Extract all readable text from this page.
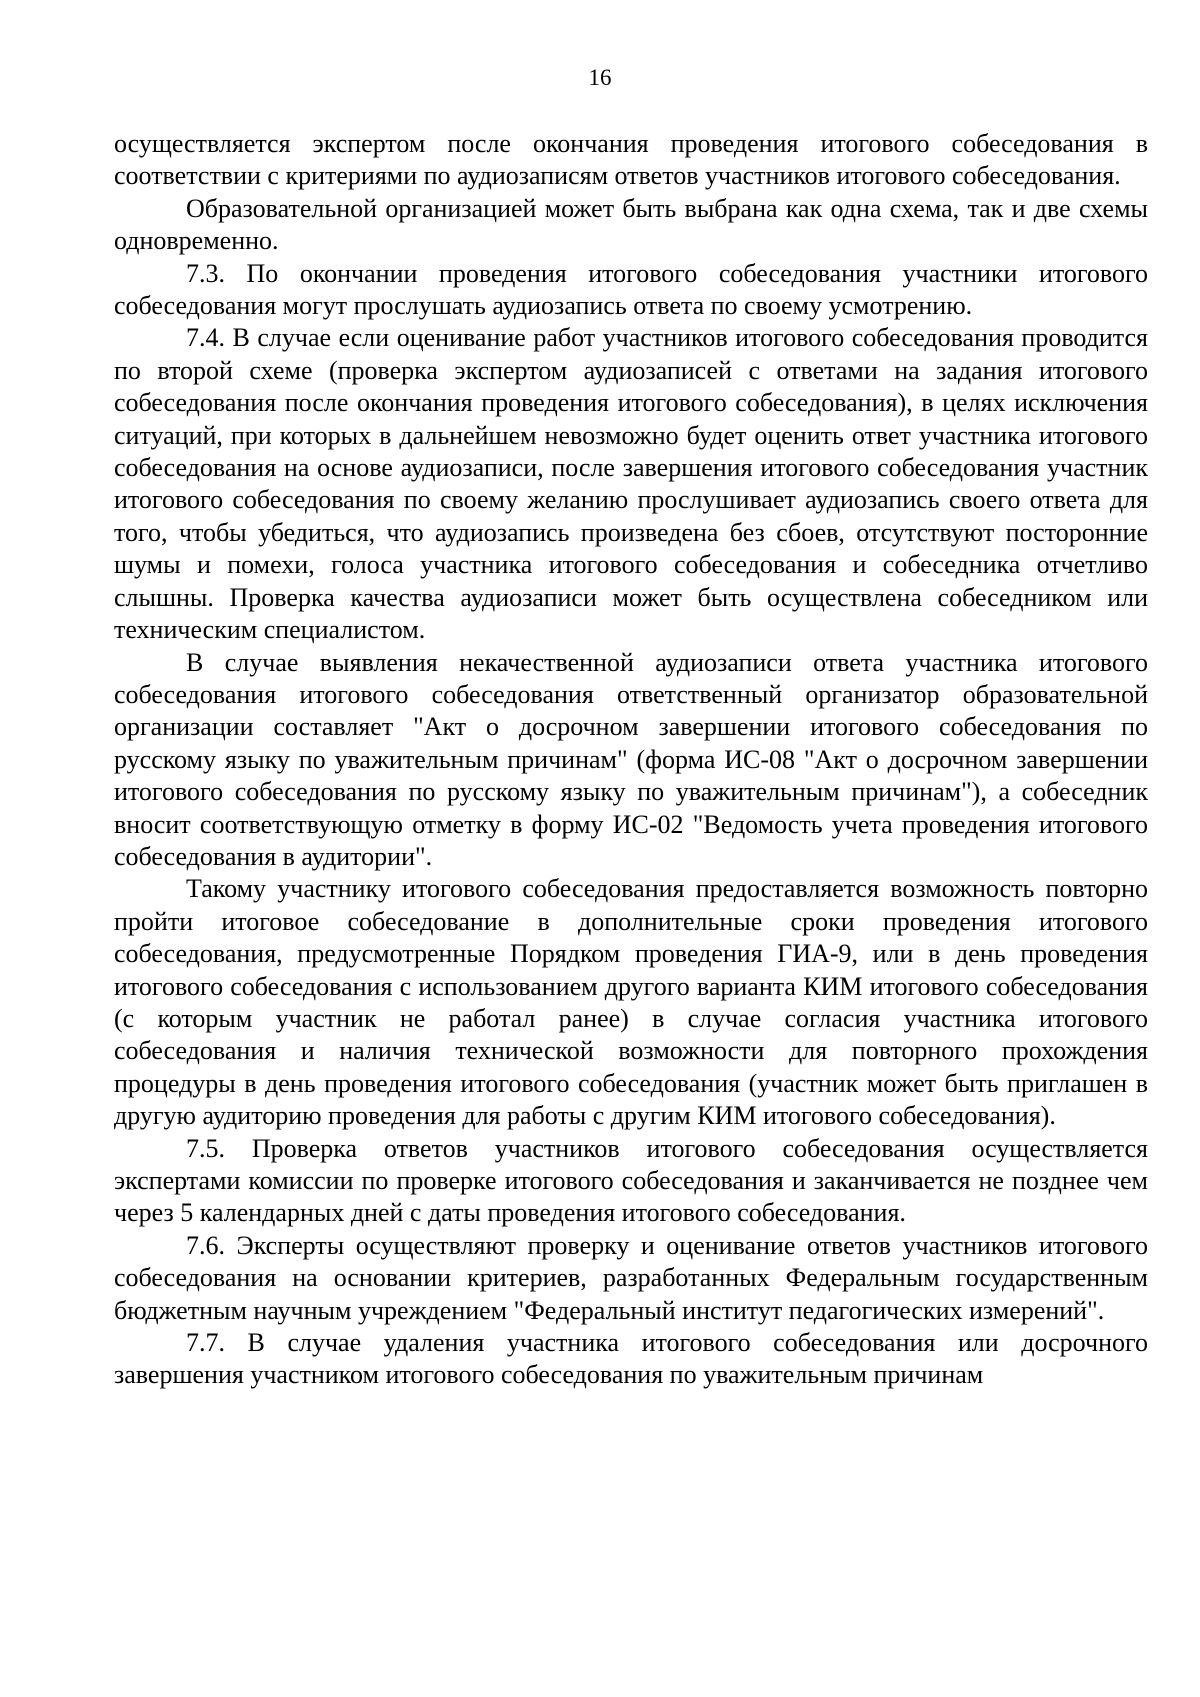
16

осуществляется экспертом после окончания проведения итогового собеседования в соответствии с критериями по аудиозаписям ответов участников итогового собеседования.

Образовательной организацией может быть выбрана как одна схема, так и две схемы одновременно.

7.3. По окончании проведения итогового собеседования участники итогового собеседования могут прослушать аудиозапись ответа по своему усмотрению.

7.4. В случае если оценивание работ участников итогового собеседования проводится по второй схеме (проверка экспертом аудиозаписей с ответами на задания итогового собеседования после окончания проведения итогового собеседования), в целях исключения ситуаций, при которых в дальнейшем невозможно будет оценить ответ участника итогового собеседования на основе аудиозаписи, после завершения итогового собеседования участник итогового собеседования по своему желанию прослушивает аудиозапись своего ответа для того, чтобы убедиться, что аудиозапись произведена без сбоев, отсутствуют посторонние шумы и помехи, голоса участника итогового собеседования и собеседника отчетливо слышны. Проверка качества аудиозаписи может быть осуществлена собеседником или техническим специалистом.

В случае выявления некачественной аудиозаписи ответа участника итогового собеседования итогового собеседования ответственный организатор образовательной организации составляет "Акт о досрочном завершении итогового собеседования по русскому языку по уважительным причинам" (форма ИС-08 "Акт о досрочном завершении итогового собеседования по русскому языку по уважительным причинам"), а собеседник вносит соответствующую отметку в форму ИС-02 "Ведомость учета проведения итогового собеседования в аудитории".

Такому участнику итогового собеседования предоставляется возможность повторно пройти итоговое собеседование в дополнительные сроки проведения итогового собеседования, предусмотренные Порядком проведения ГИА-9, или в день проведения итогового собеседования с использованием другого варианта КИМ итогового собеседования (с которым участник не работал ранее) в случае согласия участника итогового собеседования и наличия технической возможности для повторного прохождения процедуры в день проведения итогового собеседования (участник может быть приглашен в другую аудиторию проведения для работы с другим КИМ итогового собеседования).

7.5. Проверка ответов участников итогового собеседования осуществляется экспертами комиссии по проверке итогового собеседования и заканчивается не позднее чем через 5 календарных дней с даты проведения итогового собеседования.

7.6. Эксперты осуществляют проверку и оценивание ответов участников итогового собеседования на основании критериев, разработанных Федеральным государственным бюджетным научным учреждением "Федеральный институт педагогических измерений".

7.7. В случае удаления участника итогового собеседования или досрочного завершения участником итогового собеседования по уважительным причинам
